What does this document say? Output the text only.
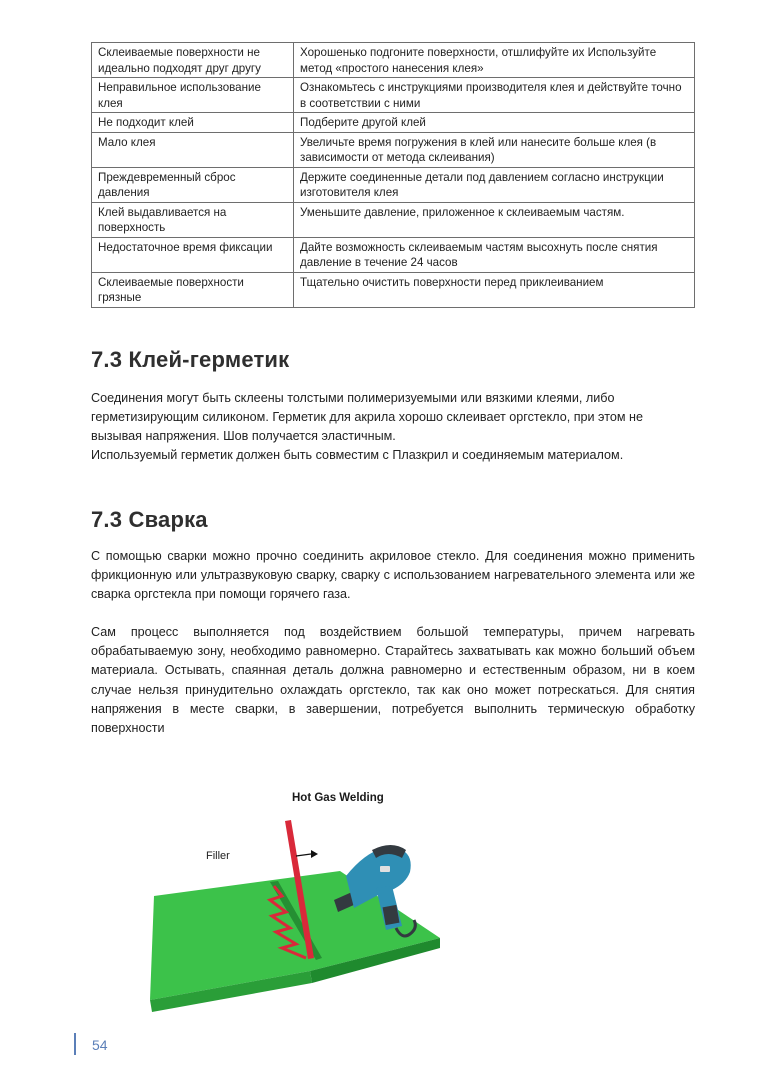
Склеиваемые поверхности не идеально подходят друг другу	Хорошенько подгоните поверхности, отшлифуйте их Используйте метод «простого нанесения клея»
Неправильное использование клея	Ознакомьтесь с инструкциями производителя клея и действуйте точно в соответствии с ними
Не подходит клей	Подберите другой клей
Мало клея	Увеличьте время погружения в клей или нанесите больше клея (в зависимости от метода склеивания)
Преждевременный сброс давления	Держите соединенные детали под давлением согласно инструкции изготовителя клея
Клей выдавливается на поверхность	Уменьшите давление, приложенное к склеиваемым частям.
Недостаточное время фиксации	Дайте возможность склеиваемым частям высохнуть после снятия давление в течение 24 часов
Склеиваемые поверхности грязные	Тщательно очистить поверхности перед приклеиванием
7.3 Клей-герметик

Соединения могут быть склеены толстыми полимеризуемыми или вязкими клеями, либо герметизирующим силиконом. Герметик для акрила хорошо склеивает оргстекло, при этом не вызывая напряжения. Шов получается эластичным.

Используемый герметик должен быть совместим с Плазкрил и соединяемым материалом.

7.3 Сварка

С помощью сварки можно прочно соединить акриловое стекло. Для соединения можно применить фрикционную или ультразвуковую сварку, сварку с использованием нагревательного элемента или же сварка оргстекла при помощи горячего газа.

Сам процесс выполняется под воздействием большой температуры, причем нагревать обрабатываемую зону, необходимо равномерно. Старайтесь захватывать как можно больший объем материала. Остывать, спаянная деталь должна равномерно и естественным образом, ни в коем случае нельзя принудительно охлаждать оргстекло, так как оно может потрескаться. Для снятия напряжения в месте сварки, в завершении, потребуется выполнить термическую обработку поверхности

Hot Gas Welding
Filler
54
